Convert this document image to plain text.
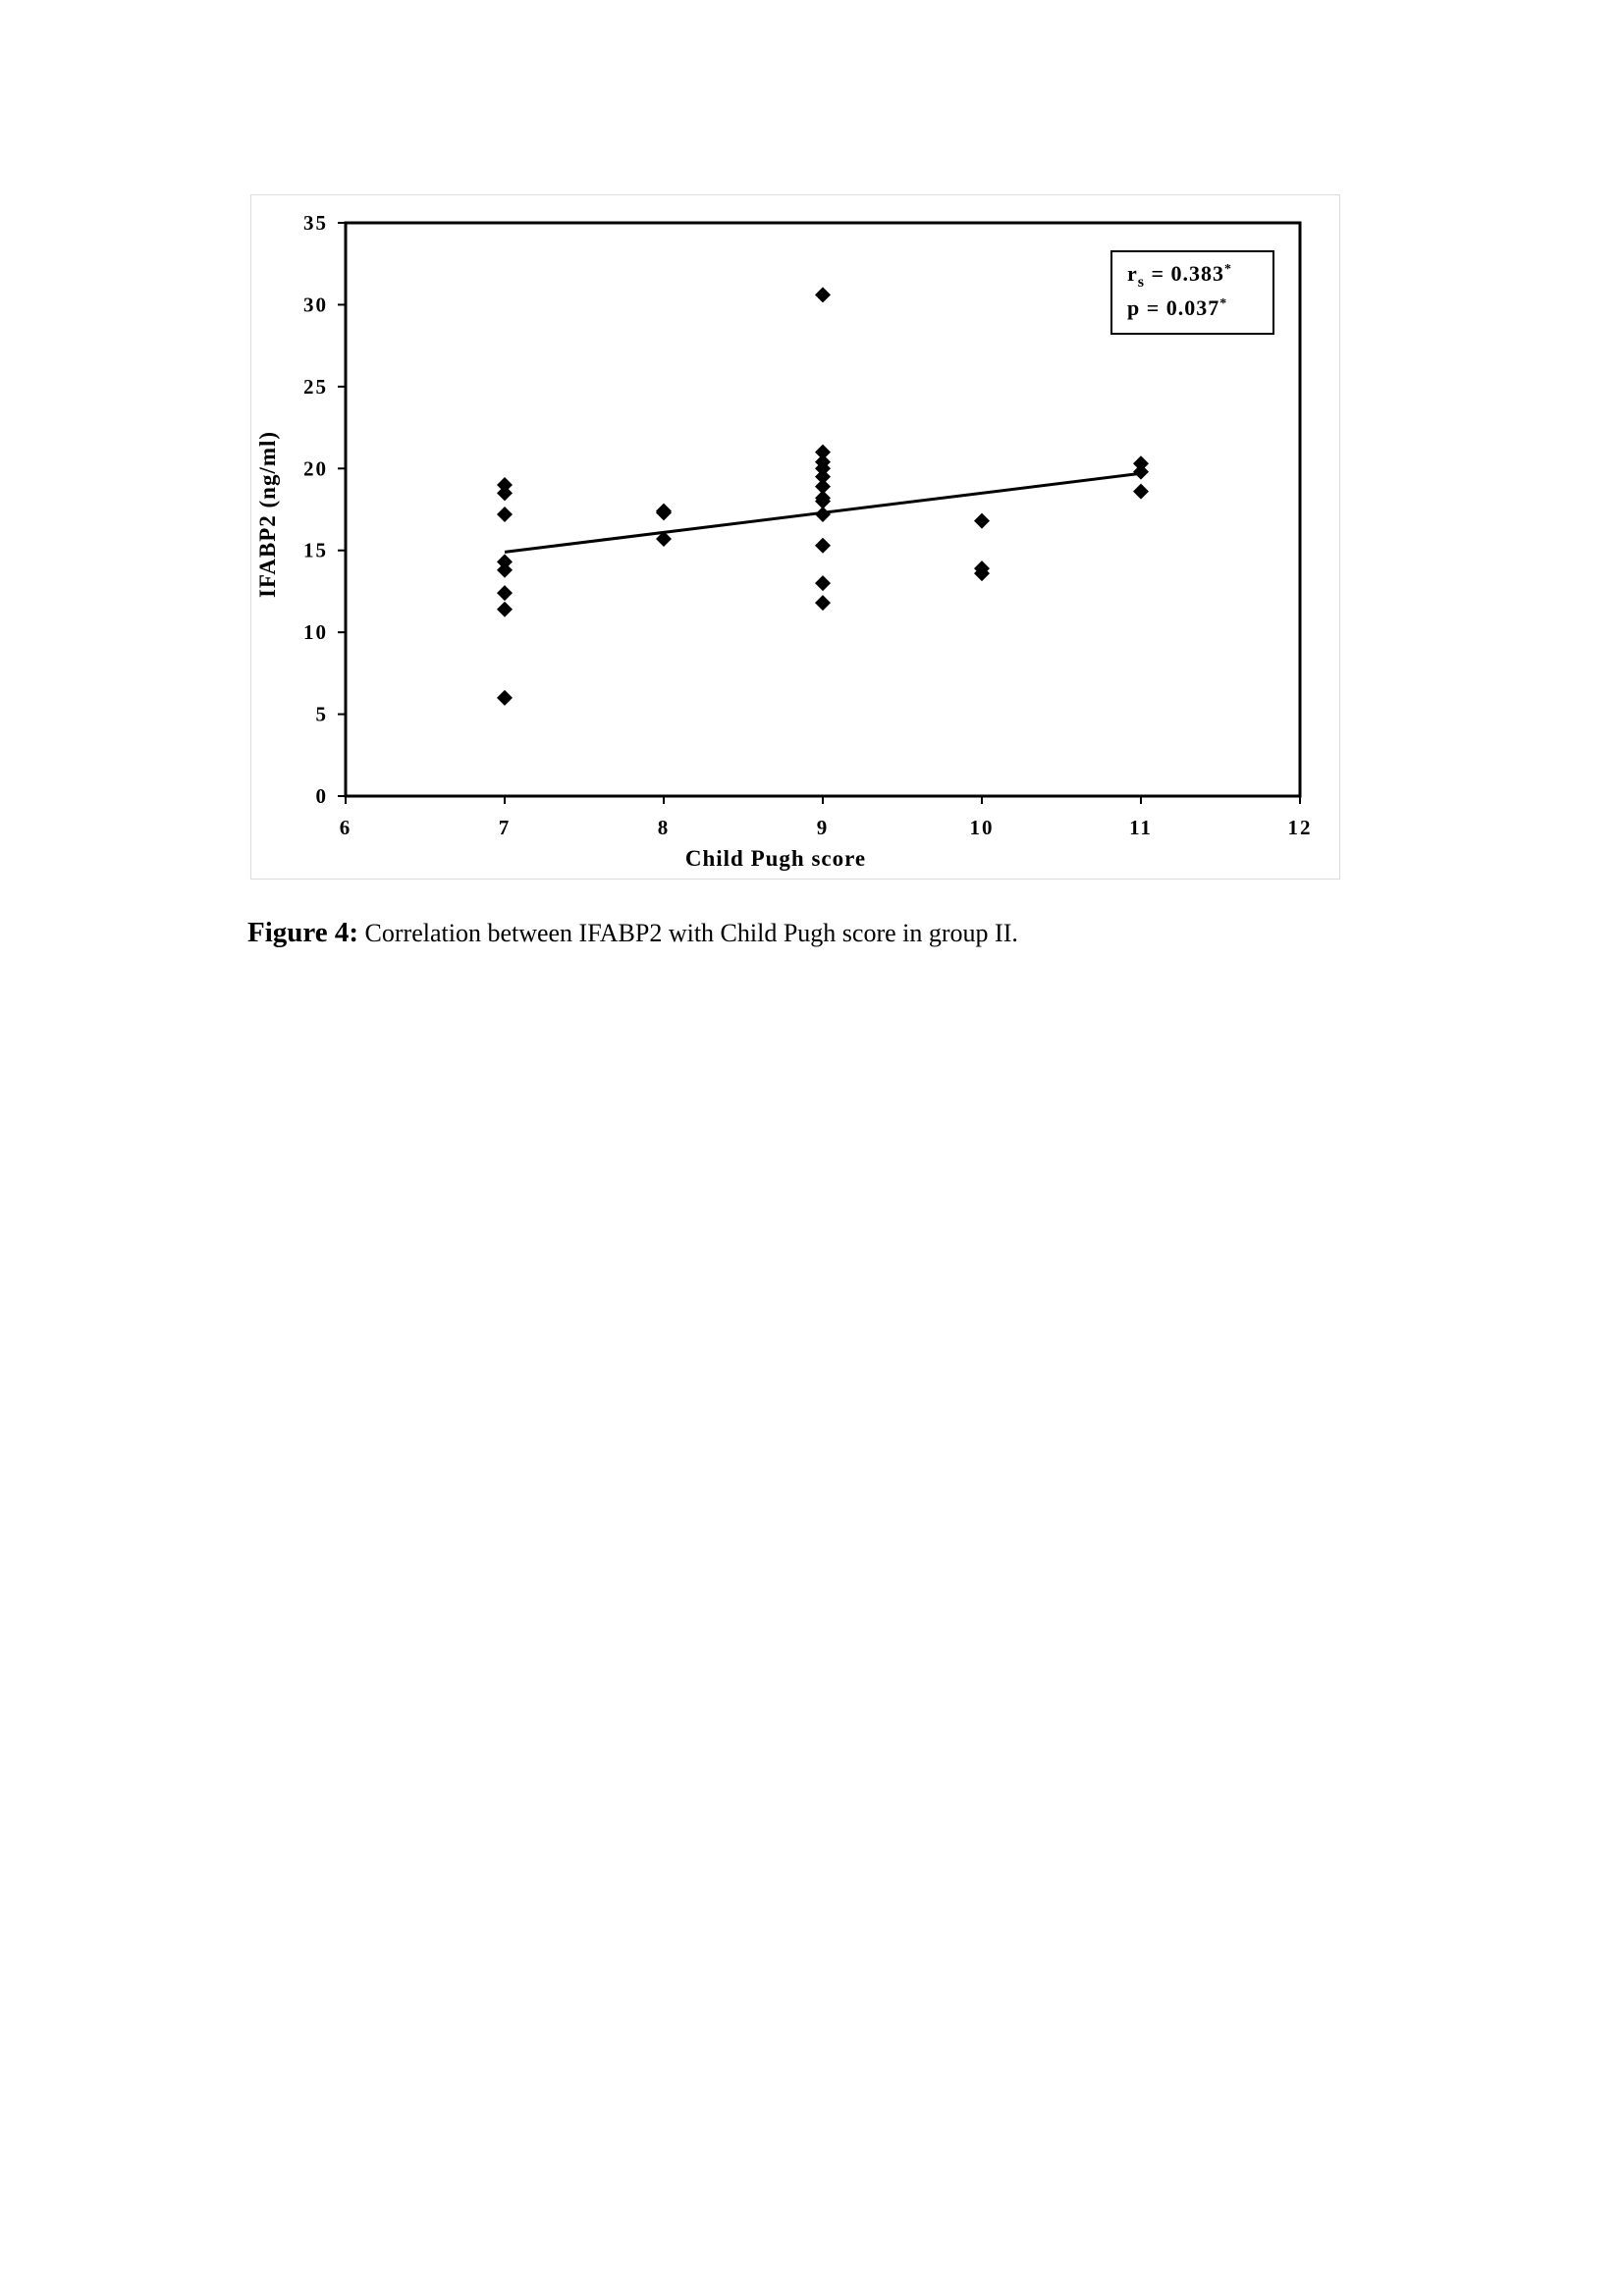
0
5
10
15
20
25
30
35
6	7	8	9	10	11	12
Child Pugh score
IFABP2 (ng/ml)
$r_s = 0.383^*$
p = 0.037*
Figure 4: Correlation between IFABP2 with Child Pugh score in group II.
